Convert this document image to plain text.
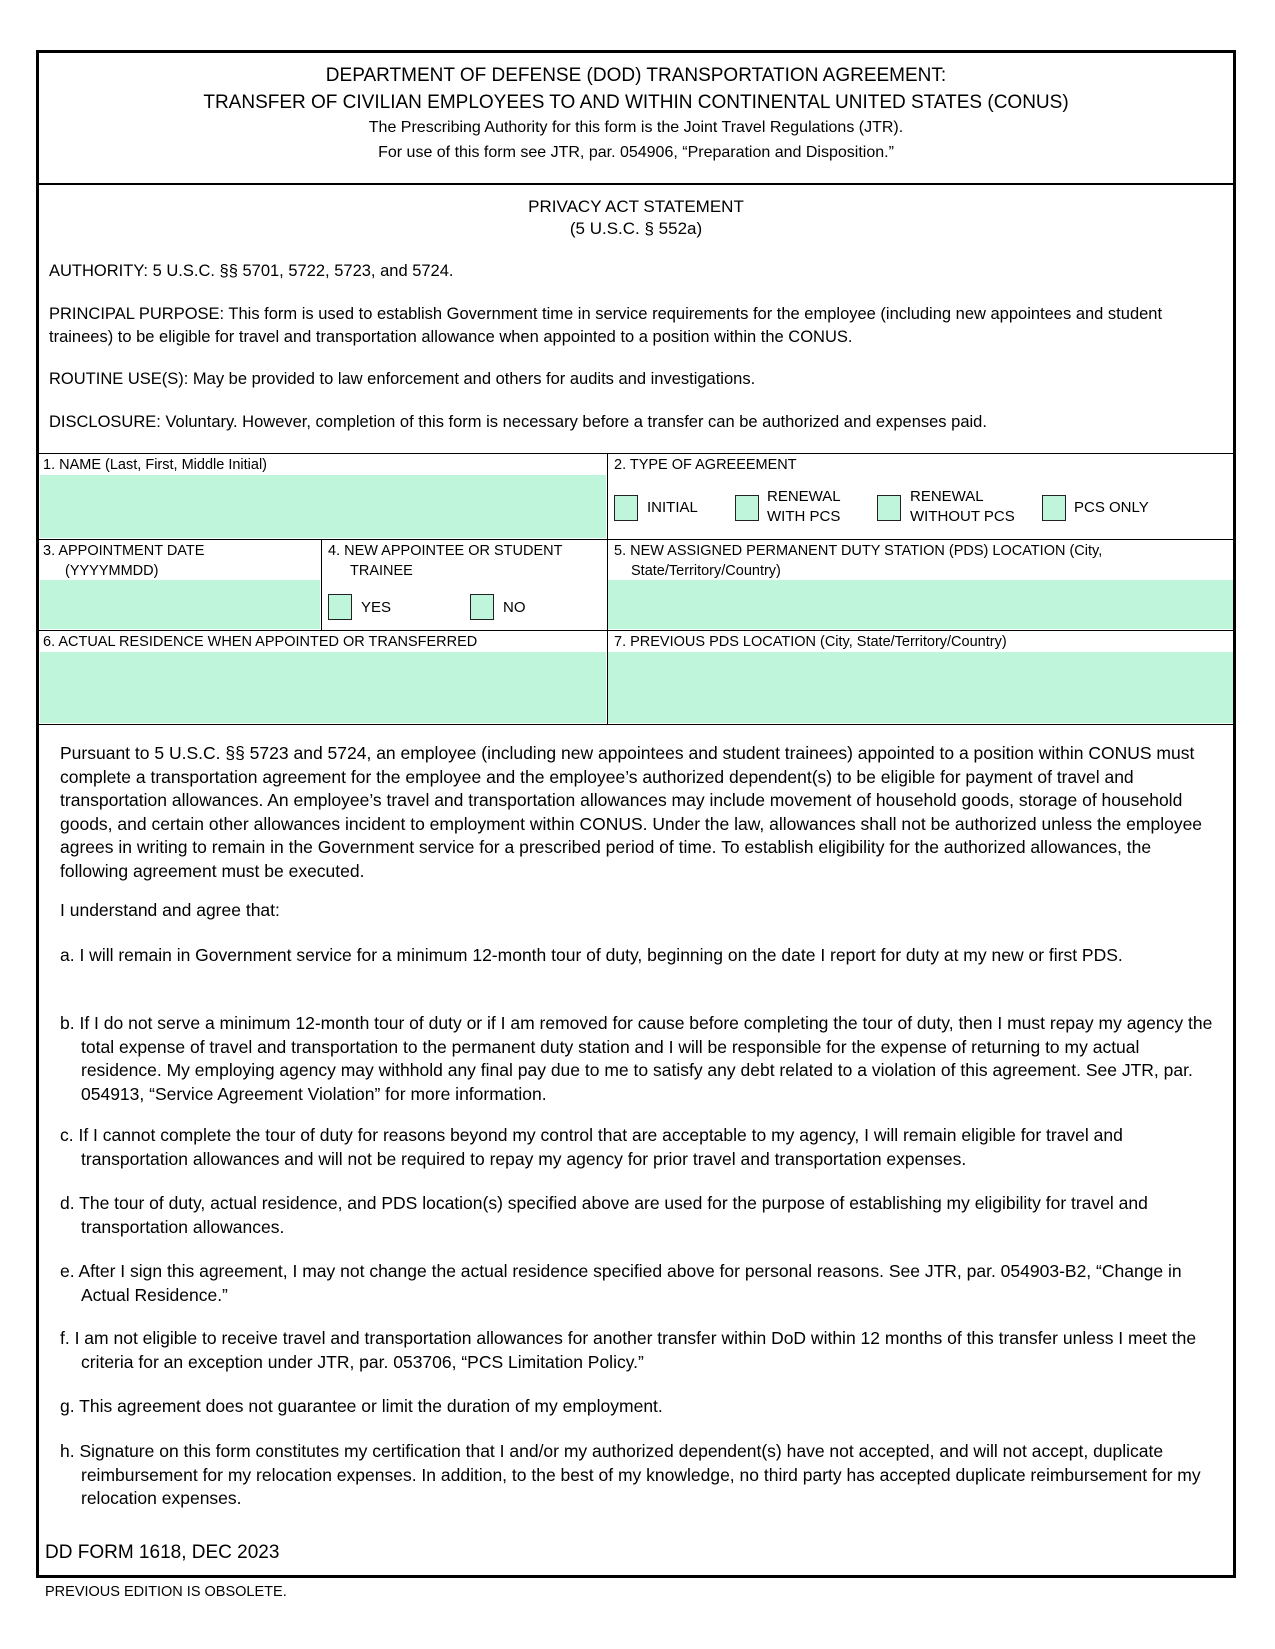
DEPARTMENT OF DEFENSE (DOD) TRANSPORTATION AGREEMENT:
TRANSFER OF CIVILIAN EMPLOYEES TO AND WITHIN CONTINENTAL UNITED STATES (CONUS)
The Prescribing Authority for this form is the Joint Travel Regulations (JTR).
For use of this form see JTR, par. 054906, “Preparation and Disposition.”
PRIVACY ACT STATEMENT
(5 U.S.C. § 552a)
AUTHORITY: 5 U.S.C. §§ 5701, 5722, 5723, and 5724.
PRINCIPAL PURPOSE: This form is used to establish Government time in service requirements for the employee (including new appointees and student trainees) to be eligible for travel and transportation allowance when appointed to a position within the CONUS.
ROUTINE USE(S): May be provided to law enforcement and others for audits and investigations.
DISCLOSURE: Voluntary. However, completion of this form is necessary before a transfer can be authorized and expenses paid.
1. NAME (Last, First, Middle Initial)	2. TYPE OF AGREEEMENT
INITIAL
RENEWAL
WITH PCS
RENEWAL
WITHOUT PCS
PCS ONLY
3. APPOINTMENT DATE
(YYYYMMDD)
4. NEW APPOINTEE OR STUDENT
TRAINEE
YES	NO
5. NEW ASSIGNED PERMANENT DUTY STATION (PDS) LOCATION (City,
State/Territory/Country)
6. ACTUAL RESIDENCE WHEN APPOINTED OR TRANSFERRED	7. PREVIOUS PDS LOCATION (City, State/Territory/Country)
Pursuant to 5 U.S.C. §§ 5723 and 5724, an employee (including new appointees and student trainees) appointed to a position within CONUS must complete a transportation agreement for the employee and the employee’s authorized dependent(s) to be eligible for payment of travel and transportation allowances. An employee’s travel and transportation allowances may include movement of household goods, storage of household goods, and certain other allowances incident to employment within CONUS. Under the law, allowances shall not be authorized unless the employee agrees in writing to remain in the Government service for a prescribed period of time. To establish eligibility for the authorized allowances, the following agreement must be executed.
I understand and agree that:
a. I will remain in Government service for a minimum 12-month tour of duty, beginning on the date I report for duty at my new or first PDS.
b. If I do not serve a minimum 12-month tour of duty or if I am removed for cause before completing the tour of duty, then I must repay my agency the total expense of travel and transportation to the permanent duty station and I will be responsible for the expense of returning to my actual residence. My employing agency may withhold any final pay due to me to satisfy any debt related to a violation of this agreement. See JTR, par. 054913, “Service Agreement Violation” for more information.
c. If I cannot complete the tour of duty for reasons beyond my control that are acceptable to my agency, I will remain eligible for travel and transportation allowances and will not be required to repay my agency for prior travel and transportation expenses.
d. The tour of duty, actual residence, and PDS location(s) specified above are used for the purpose of establishing my eligibility for travel and transportation allowances.
e. After I sign this agreement, I may not change the actual residence specified above for personal reasons. See JTR, par. 054903-B2, “Change in Actual Residence.”
f. I am not eligible to receive travel and transportation allowances for another transfer within DoD within 12 months of this transfer unless I meet the criteria for an exception under JTR, par. 053706, “PCS Limitation Policy.”
g. This agreement does not guarantee or limit the duration of my employment.
h. Signature on this form constitutes my certification that I and/or my authorized dependent(s) have not accepted, and will not accept, duplicate reimbursement for my relocation expenses. In addition, to the best of my knowledge, no third party has accepted duplicate reimbursement for my relocation expenses.
DD FORM 1618, DEC 2023
PREVIOUS EDITION IS OBSOLETE.
